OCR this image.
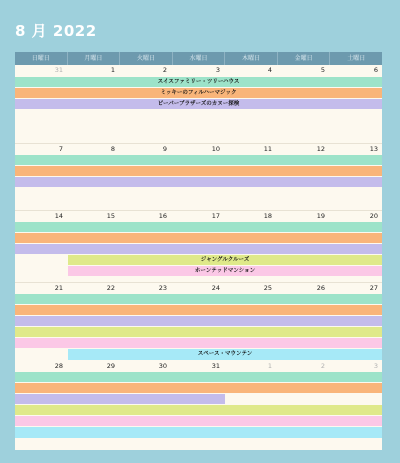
8 月 2022
日曜日	月曜日	火曜日	水曜日	木曜日	金曜日	土曜日
31	1	2	3	4	5	6
スイスファミリー・ツリーハウス
ミッキーのフィルハーマジック
ピーパーブラザーズのカヌー探検
7	8	9	10	11	12	13
14	15	16	17	18	19	20
ジャングルクルーズ
ホーンテッドマンション
21	22	23	24	25	26	27
スペース・マウンテン
28	29	30	31	1	2	3
